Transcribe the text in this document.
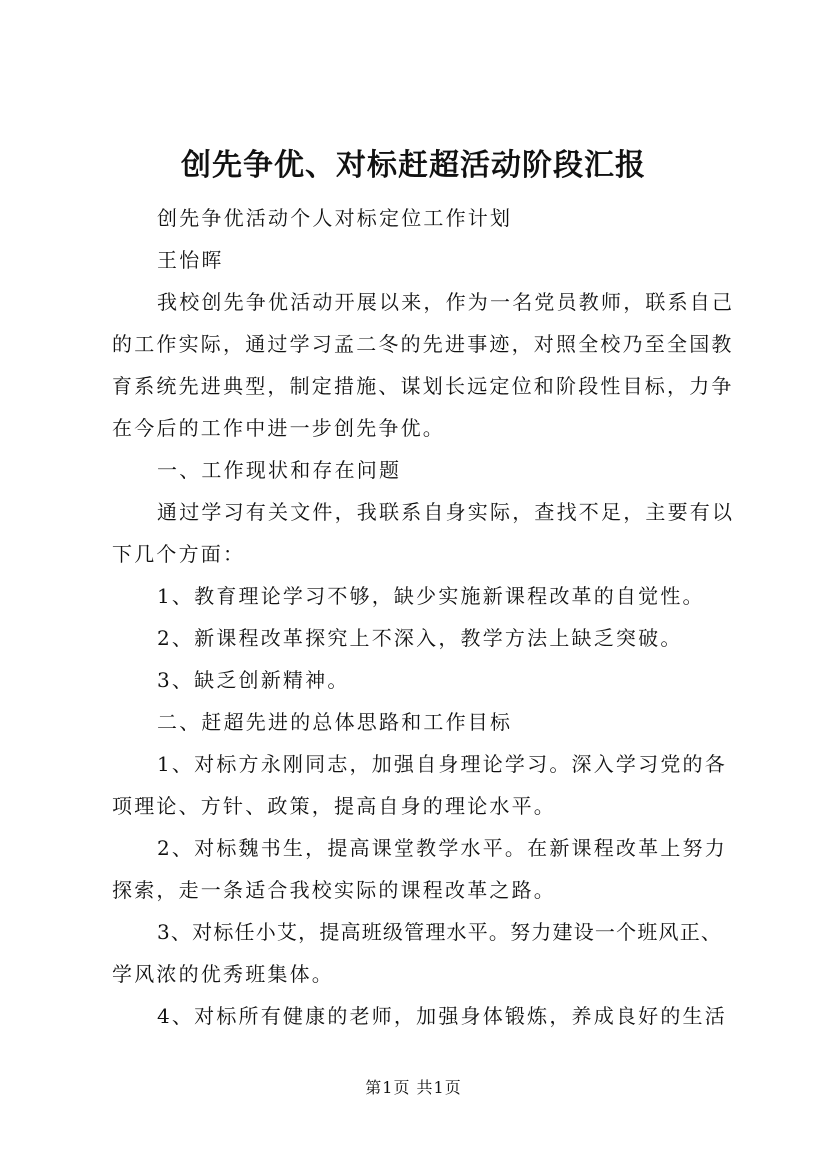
创先争优、对标赶超活动阶段汇报

创先争优活动个人对标定位工作计划

王怡晖

我校创先争优活动开展以来，作为一名党员教师，联系自己

的工作实际，通过学习孟二冬的先进事迹，对照全校乃至全国教

育系统先进典型，制定措施、谋划长远定位和阶段性目标，力争

在今后的工作中进一步创先争优。

一、工作现状和存在问题

通过学习有关文件，我联系自身实际，查找不足，主要有以

下几个方面：

1、教育理论学习不够，缺少实施新课程改革的自觉性。

2、新课程改革探究上不深入，教学方法上缺乏突破。

3、缺乏创新精神。

二、赶超先进的总体思路和工作目标

1、对标方永刚同志，加强自身理论学习。深入学习党的各

项理论、方针、政策，提高自身的理论水平。

2、对标魏书生，提高课堂教学水平。在新课程改革上努力

探索，走一条适合我校实际的课程改革之路。

3、对标任小艾，提高班级管理水平。努力建设一个班风正、

学风浓的优秀班集体。

4、对标所有健康的老师，加强身体锻炼，养成良好的生活

第1页 共1页
